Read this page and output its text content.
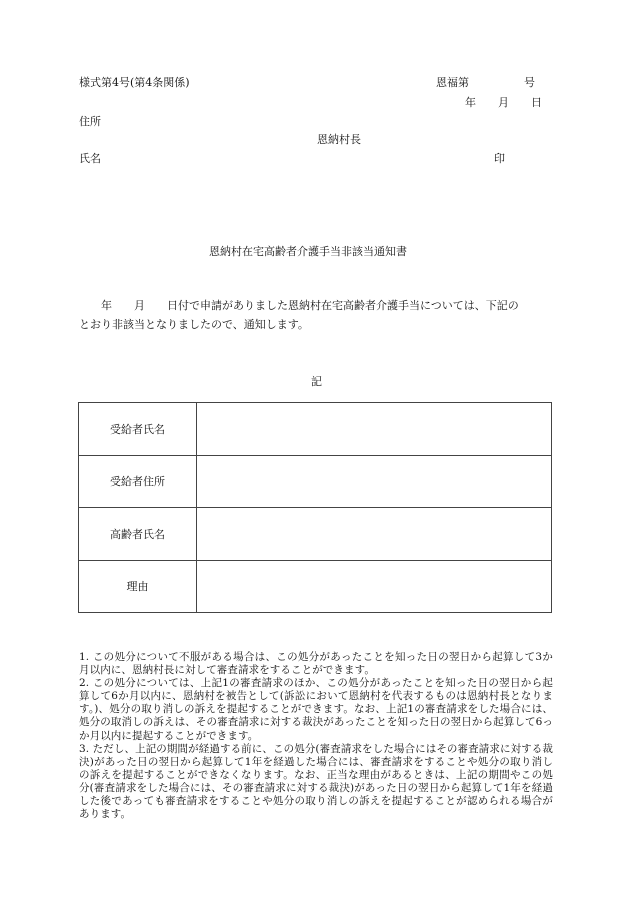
様式第4号(第4条関係)	恩福第　　　　　号
年　　月　　日
住所
恩納村長
氏名	印
恩納村在宅高齢者介護手当非該当通知書
年　　月　　日付で申請がありました恩納村在宅高齢者介護手当については、下記の
とおり非該当となりましたので、通知します。
記
受給者氏名	
受給者住所	
高齢者氏名	
理由	

1. この処分について不服がある場合は、この処分があったことを知った日の翌日から起算して3か月以内に、恩納村長に対して審査請求をすることができます。

2. この処分については、上記1の審査請求のほか、この処分があったことを知った日の翌日から起算して6か月以内に、恩納村を被告として(訴訟において恩納村を代表するものは恩納村長となります。)、処分の取り消しの訴えを提起することができます。なお、上記1の審査請求をした場合には、処分の取消しの訴えは、その審査請求に対する裁決があったことを知った日の翌日から起算して6っか月以内に提起することができます。

3. ただし、上記の期間が経過する前に、この処分(審査請求をした場合にはその審査請求に対する裁決)があった日の翌日から起算して1年を経過した場合には、審査請求をすることや処分の取り消しの訴えを提起することができなくなります。なお、正当な理由があるときは、上記の期間やこの処分(審査請求をした場合には、その審査請求に対する裁決)があった日の翌日から起算して1年を経過した後であっても審査請求をすることや処分の取り消しの訴えを提起することが認められる場合があります。
